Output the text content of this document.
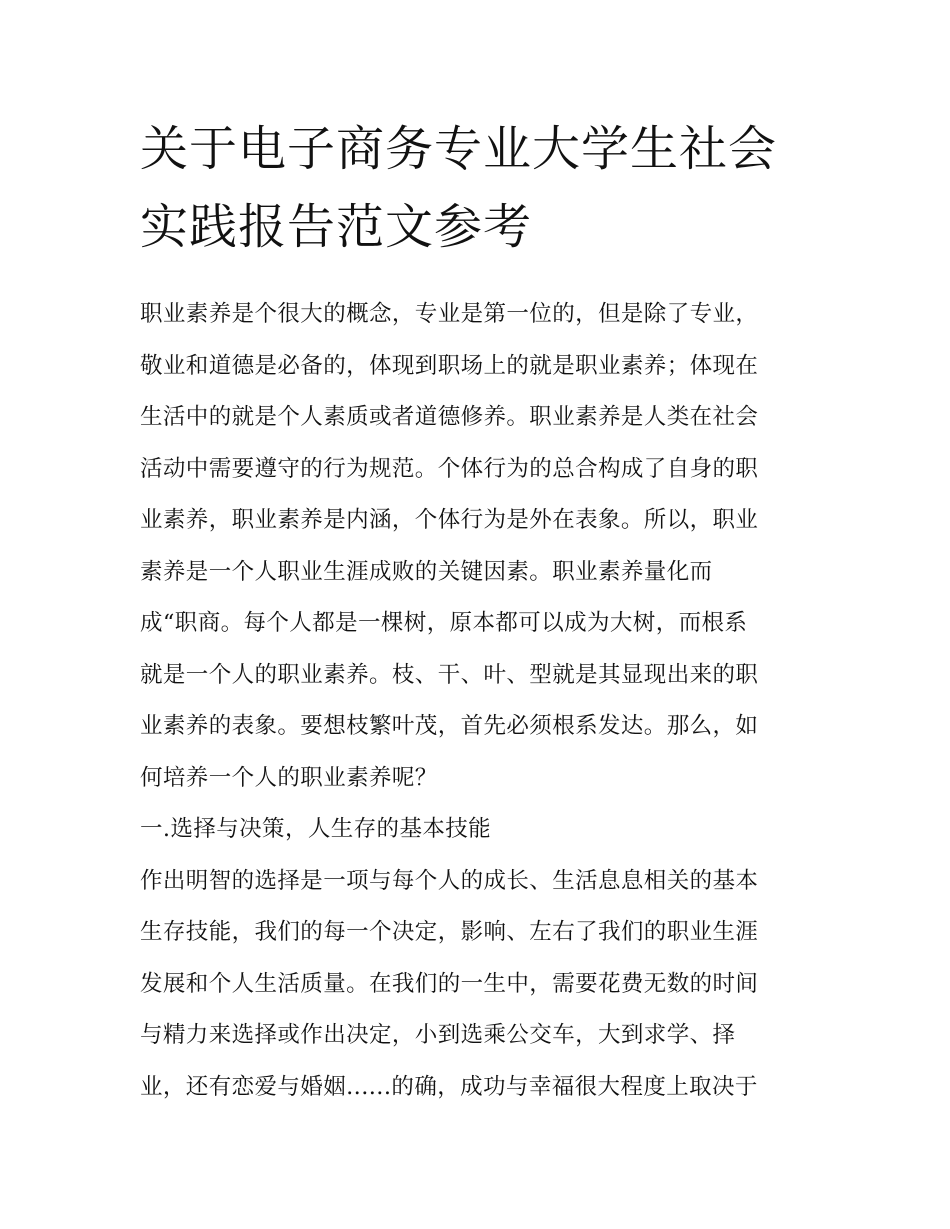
关于电子商务专业大学生社会
实践报告范文参考
职业素养是个很大的概念，专业是第一位的，但是除了专业，
敬业和道德是必备的，体现到职场上的就是职业素养；体现在
生活中的就是个人素质或者道德修养。职业素养是人类在社会
活动中需要遵守的行为规范。个体行为的总合构成了自身的职
业素养，职业素养是内涵，个体行为是外在表象。所以，职业
素养是一个人职业生涯成败的关键因素。职业素养量化而
成“职商。每个人都是一棵树，原本都可以成为大树，而根系
就是一个人的职业素养。枝、干、叶、型就是其显现出来的职
业素养的表象。要想枝繁叶茂，首先必须根系发达。那么，如
何培养一个人的职业素养呢？
一.选择与决策，人生存的基本技能
作出明智的选择是一项与每个人的成长、生活息息相关的基本
生存技能，我们的每一个决定，影响、左右了我们的职业生涯
发展和个人生活质量。在我们的一生中，需要花费无数的时间
与精力来选择或作出决定，小到选乘公交车，大到求学、择
业，还有恋爱与婚姻......的确，成功与幸福很大程度上取决于
